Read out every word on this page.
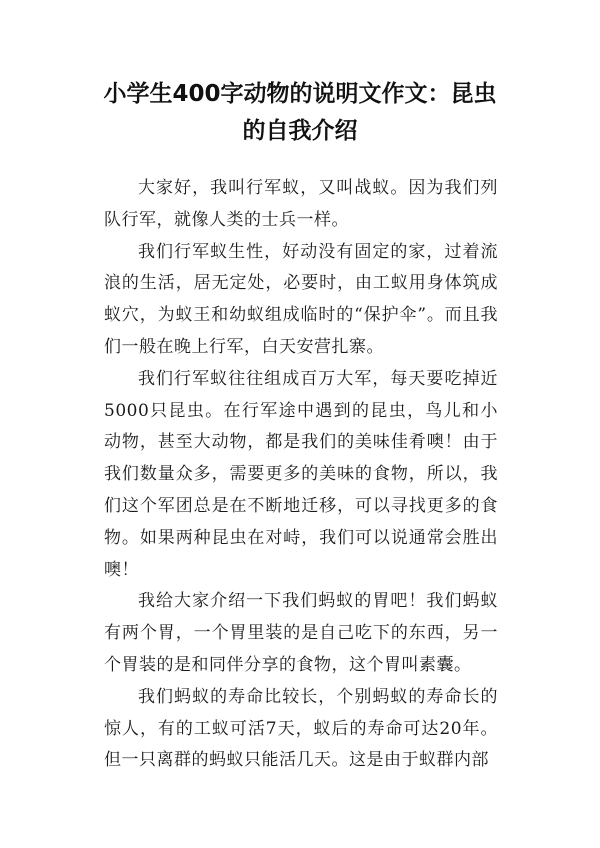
小学生400字动物的说明文作文：昆虫的自我介绍

大家好，我叫行军蚁，又叫战蚁。因为我们列队行军，就像人类的士兵一样。

我们行军蚁生性，好动没有固定的家，过着流浪的生活，居无定处，必要时，由工蚁用身体筑成蚁穴，为蚁王和幼蚁组成临时的“保护伞”。而且我们一般在晚上行军，白天安营扎寨。

我们行军蚁往往组成百万大军，每天要吃掉近5000只昆虫。在行军途中遇到的昆虫，鸟儿和小动物，甚至大动物，都是我们的美味佳肴噢！由于我们数量众多，需要更多的美味的食物，所以，我们这个军团总是在不断地迁移，可以寻找更多的食物。如果两种昆虫在对峙，我们可以说通常会胜出噢！

我给大家介绍一下我们蚂蚁的胃吧！我们蚂蚁有两个胃，一个胃里装的是自己吃下的东西，另一个胃装的是和同伴分享的食物，这个胃叫素囊。

我们蚂蚁的寿命比较长，个别蚂蚁的寿命长的惊人，有的工蚁可活7天，蚁后的寿命可达20年。但一只离群的蚂蚁只能活几天。这是由于蚁群内部
